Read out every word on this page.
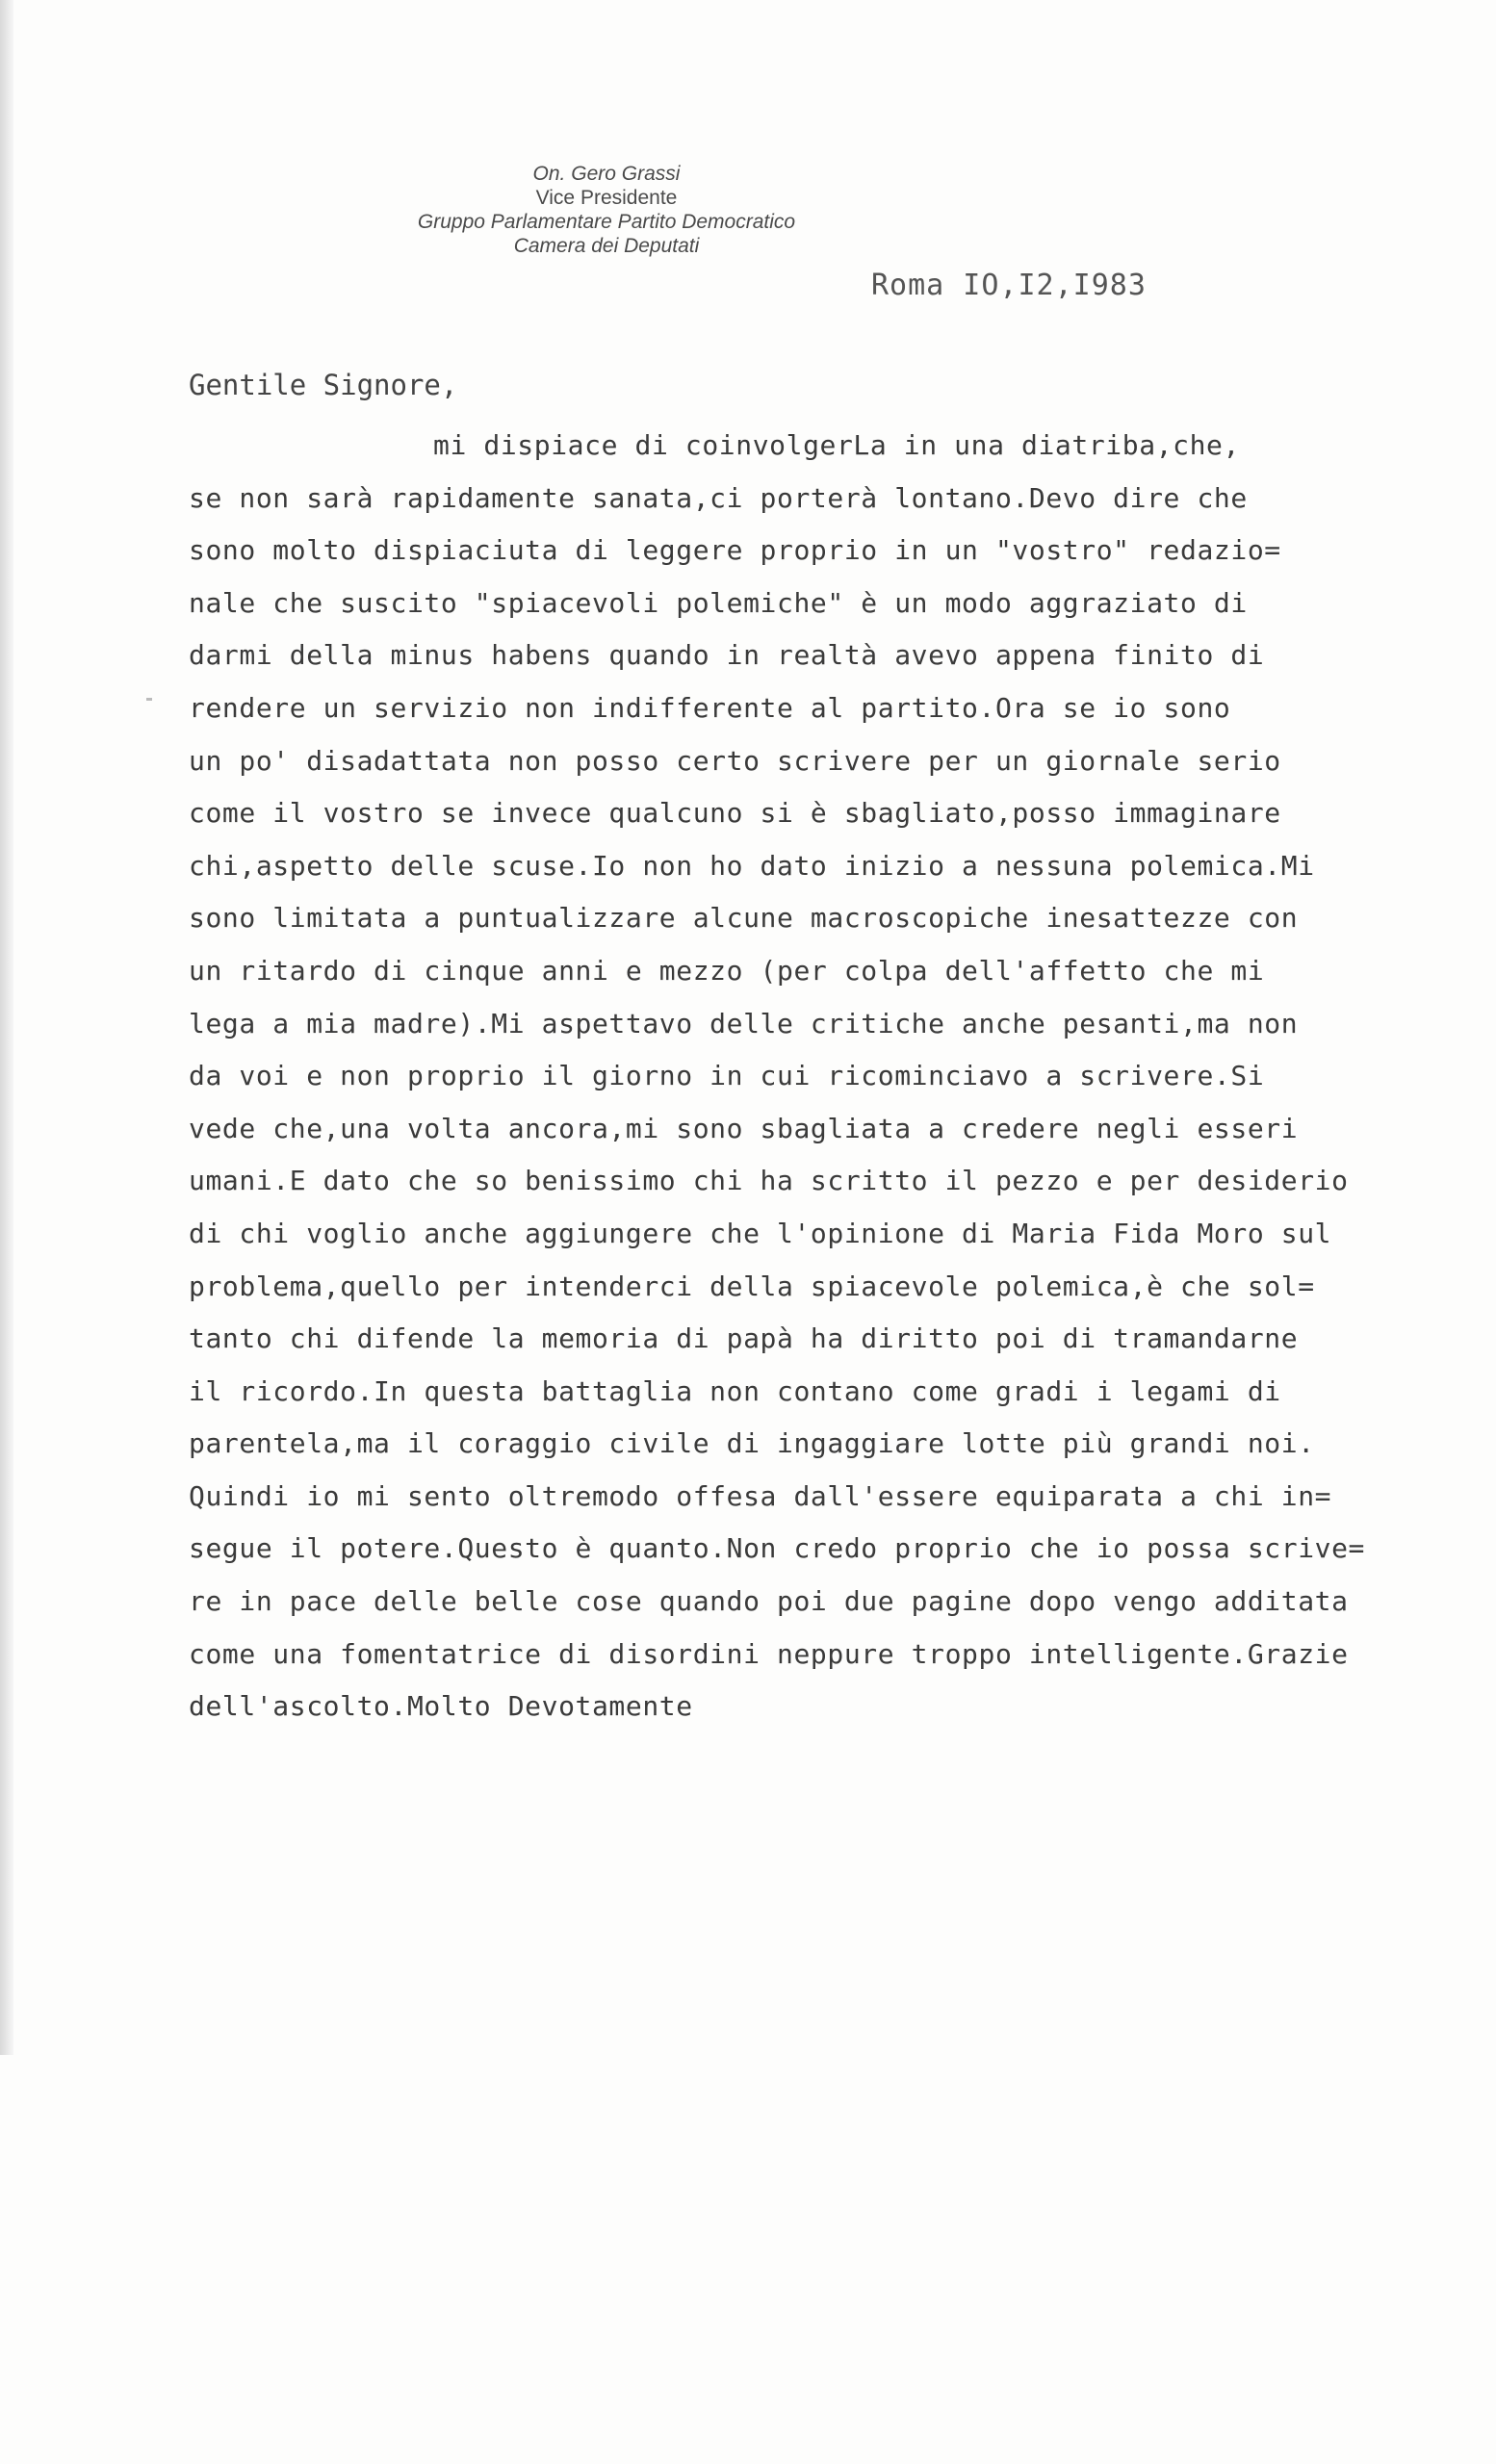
On. Gero Grassi
Vice Presidente
Gruppo Parlamentare Partito Democratico
Camera dei Deputati
Roma IO,I2,I983
Gentile Signore,
mi dispiace di coinvolgerLa in una diatriba,che,
se non sarà rapidamente sanata,ci porterà lontano.Devo dire che
sono molto dispiaciuta di leggere proprio in un "vostro" redazio=
nale che suscito "spiacevoli polemiche" è un modo aggraziato di
darmi della minus habens quando in realtà avevo appena finito di
rendere un servizio non indifferente al partito.Ora se io sono
un po' disadattata non posso certo scrivere per un giornale serio
come il vostro se invece qualcuno si è sbagliato,posso immaginare
chi,aspetto delle scuse.Io non ho dato inizio a nessuna polemica.Mi
sono limitata a puntualizzare alcune macroscopiche inesattezze con
un ritardo di cinque anni e mezzo (per colpa dell'affetto che mi
lega a mia madre).Mi aspettavo delle critiche anche pesanti,ma non
da voi e non proprio il giorno in cui ricominciavo a scrivere.Si
vede che,una volta ancora,mi sono sbagliata a credere negli esseri
umani.E dato che so benissimo chi ha scritto il pezzo e per desiderio
di chi voglio anche aggiungere che l'opinione di Maria Fida Moro sul
problema,quello per intenderci della spiacevole polemica,è che sol=
tanto chi difende la memoria di papà ha diritto poi di tramandarne
il ricordo.In questa battaglia non contano come gradi i legami di
parentela,ma il coraggio civile di ingaggiare lotte più grandi noi.
Quindi io mi sento oltremodo offesa dall'essere equiparata a chi in=
segue il potere.Questo è quanto.Non credo proprio che io possa scrive=
re in pace delle belle cose quando poi due pagine dopo vengo additata
come una fomentatrice di disordini neppure troppo intelligente.Grazie
dell'ascolto.Molto Devotamente
